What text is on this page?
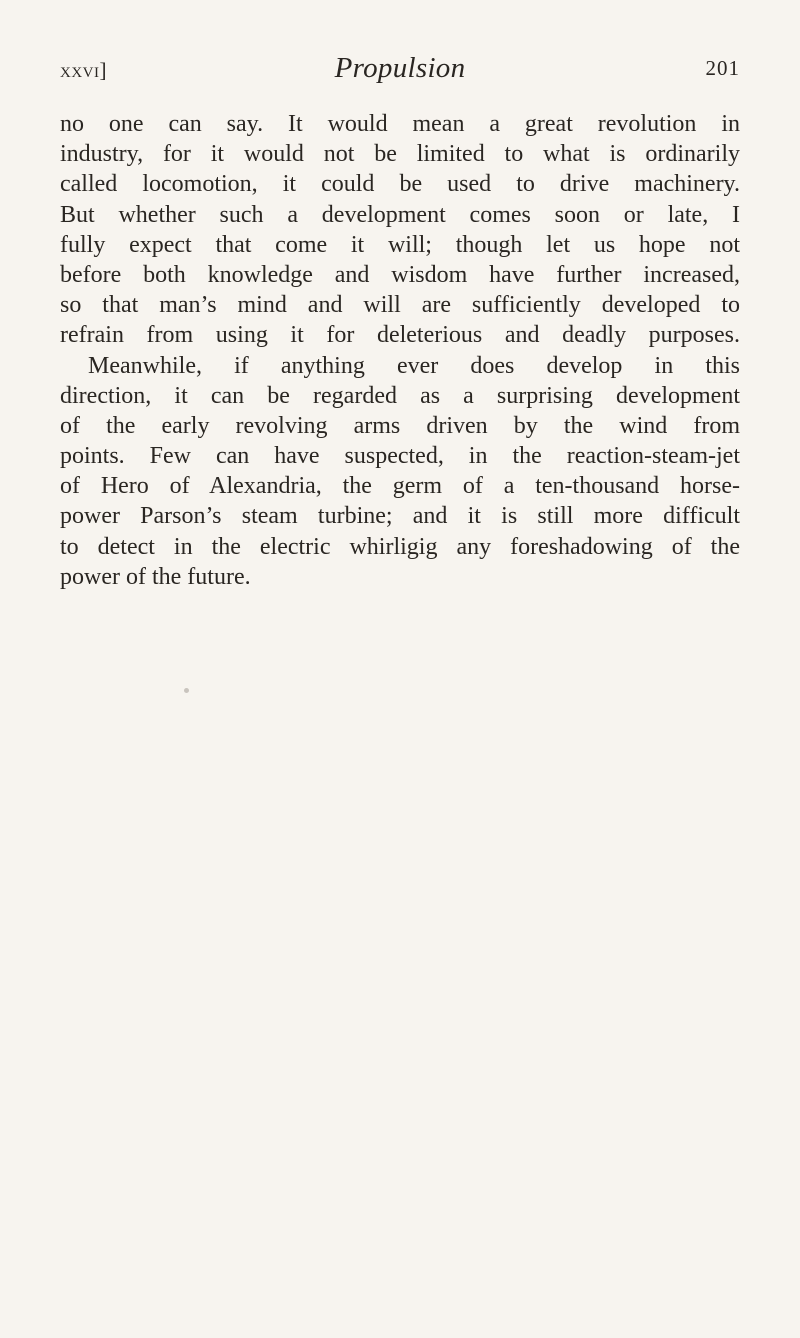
xxvi]	Propulsion	201
no one can say. It would mean a great revolution in
industry, for it would not be limited to what is ordinarily
called locomotion, it could be used to drive machinery.
But whether such a development comes soon or late, I
fully expect that come it will; though let us hope not
before both knowledge and wisdom have further increased,
so that man’s mind and will are sufficiently developed to
refrain from using it for deleterious and deadly purposes.
Meanwhile, if anything ever does develop in this
direction, it can be regarded as a surprising development
of the early revolving arms driven by the wind from
points. Few can have suspected, in the reaction-steam-jet
of Hero of Alexandria, the germ of a ten-thousand horse-
power Parson’s steam turbine; and it is still more difficult
to detect in the electric whirligig any foreshadowing of the
power of the future.
